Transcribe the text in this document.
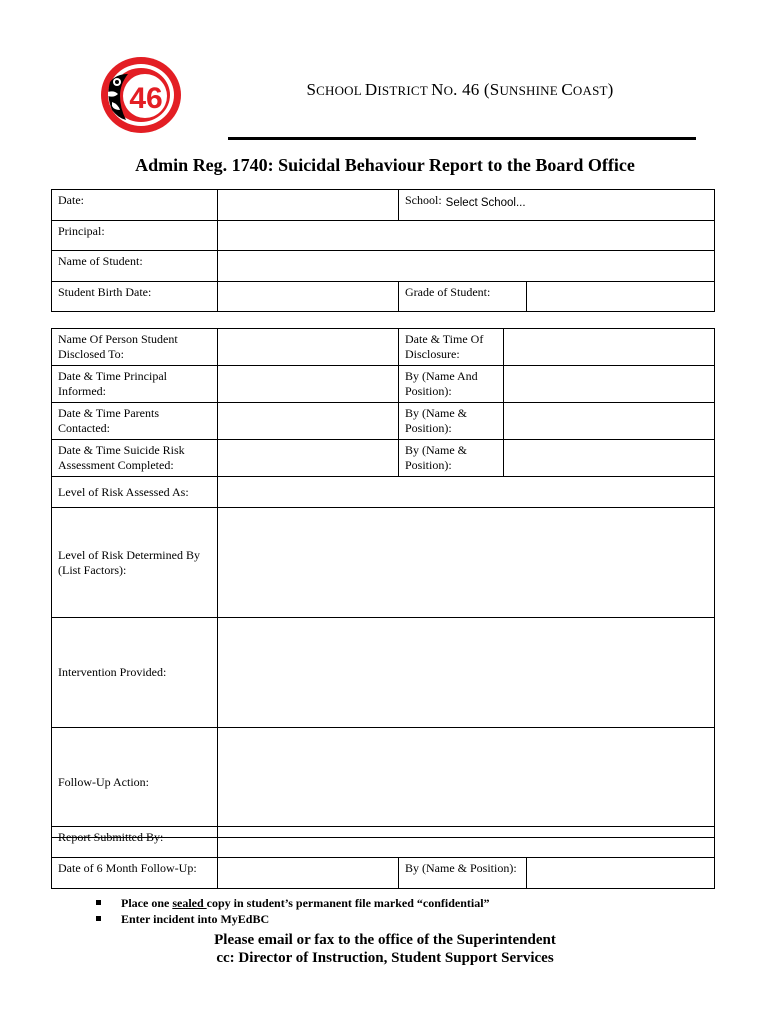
46	SCHOOL DISTRICT NO. 46 (SUNSHINE COAST)
Admin Reg. 1740: Suicidal Behaviour Report to the Board Office
Date:		School: Select School...	
Principal:			
Name of Student:			
Student Birth Date:		Grade of Student:	
Name Of Person Student Disclosed To:		Date & Time Of Disclosure:	
Date & Time Principal Informed:		By (Name And Position):	
Date & Time Parents Contacted:		By (Name & Position):	
Date & Time Suicide Risk Assessment Completed:		By (Name & Position):	
Level of Risk Assessed As:			
Level of Risk Determined By (List Factors):			
Intervention Provided:			
Follow-Up Action:			
Report Submitted By:			
Date of 6 Month Follow-Up:		By (Name & Position):	
Place one sealed copy in student’s permanent file marked “confidential”
Enter incident into MyEdBC
Please email or fax to the office of the Superintendent
cc: Director of Instruction, Student Support Services
